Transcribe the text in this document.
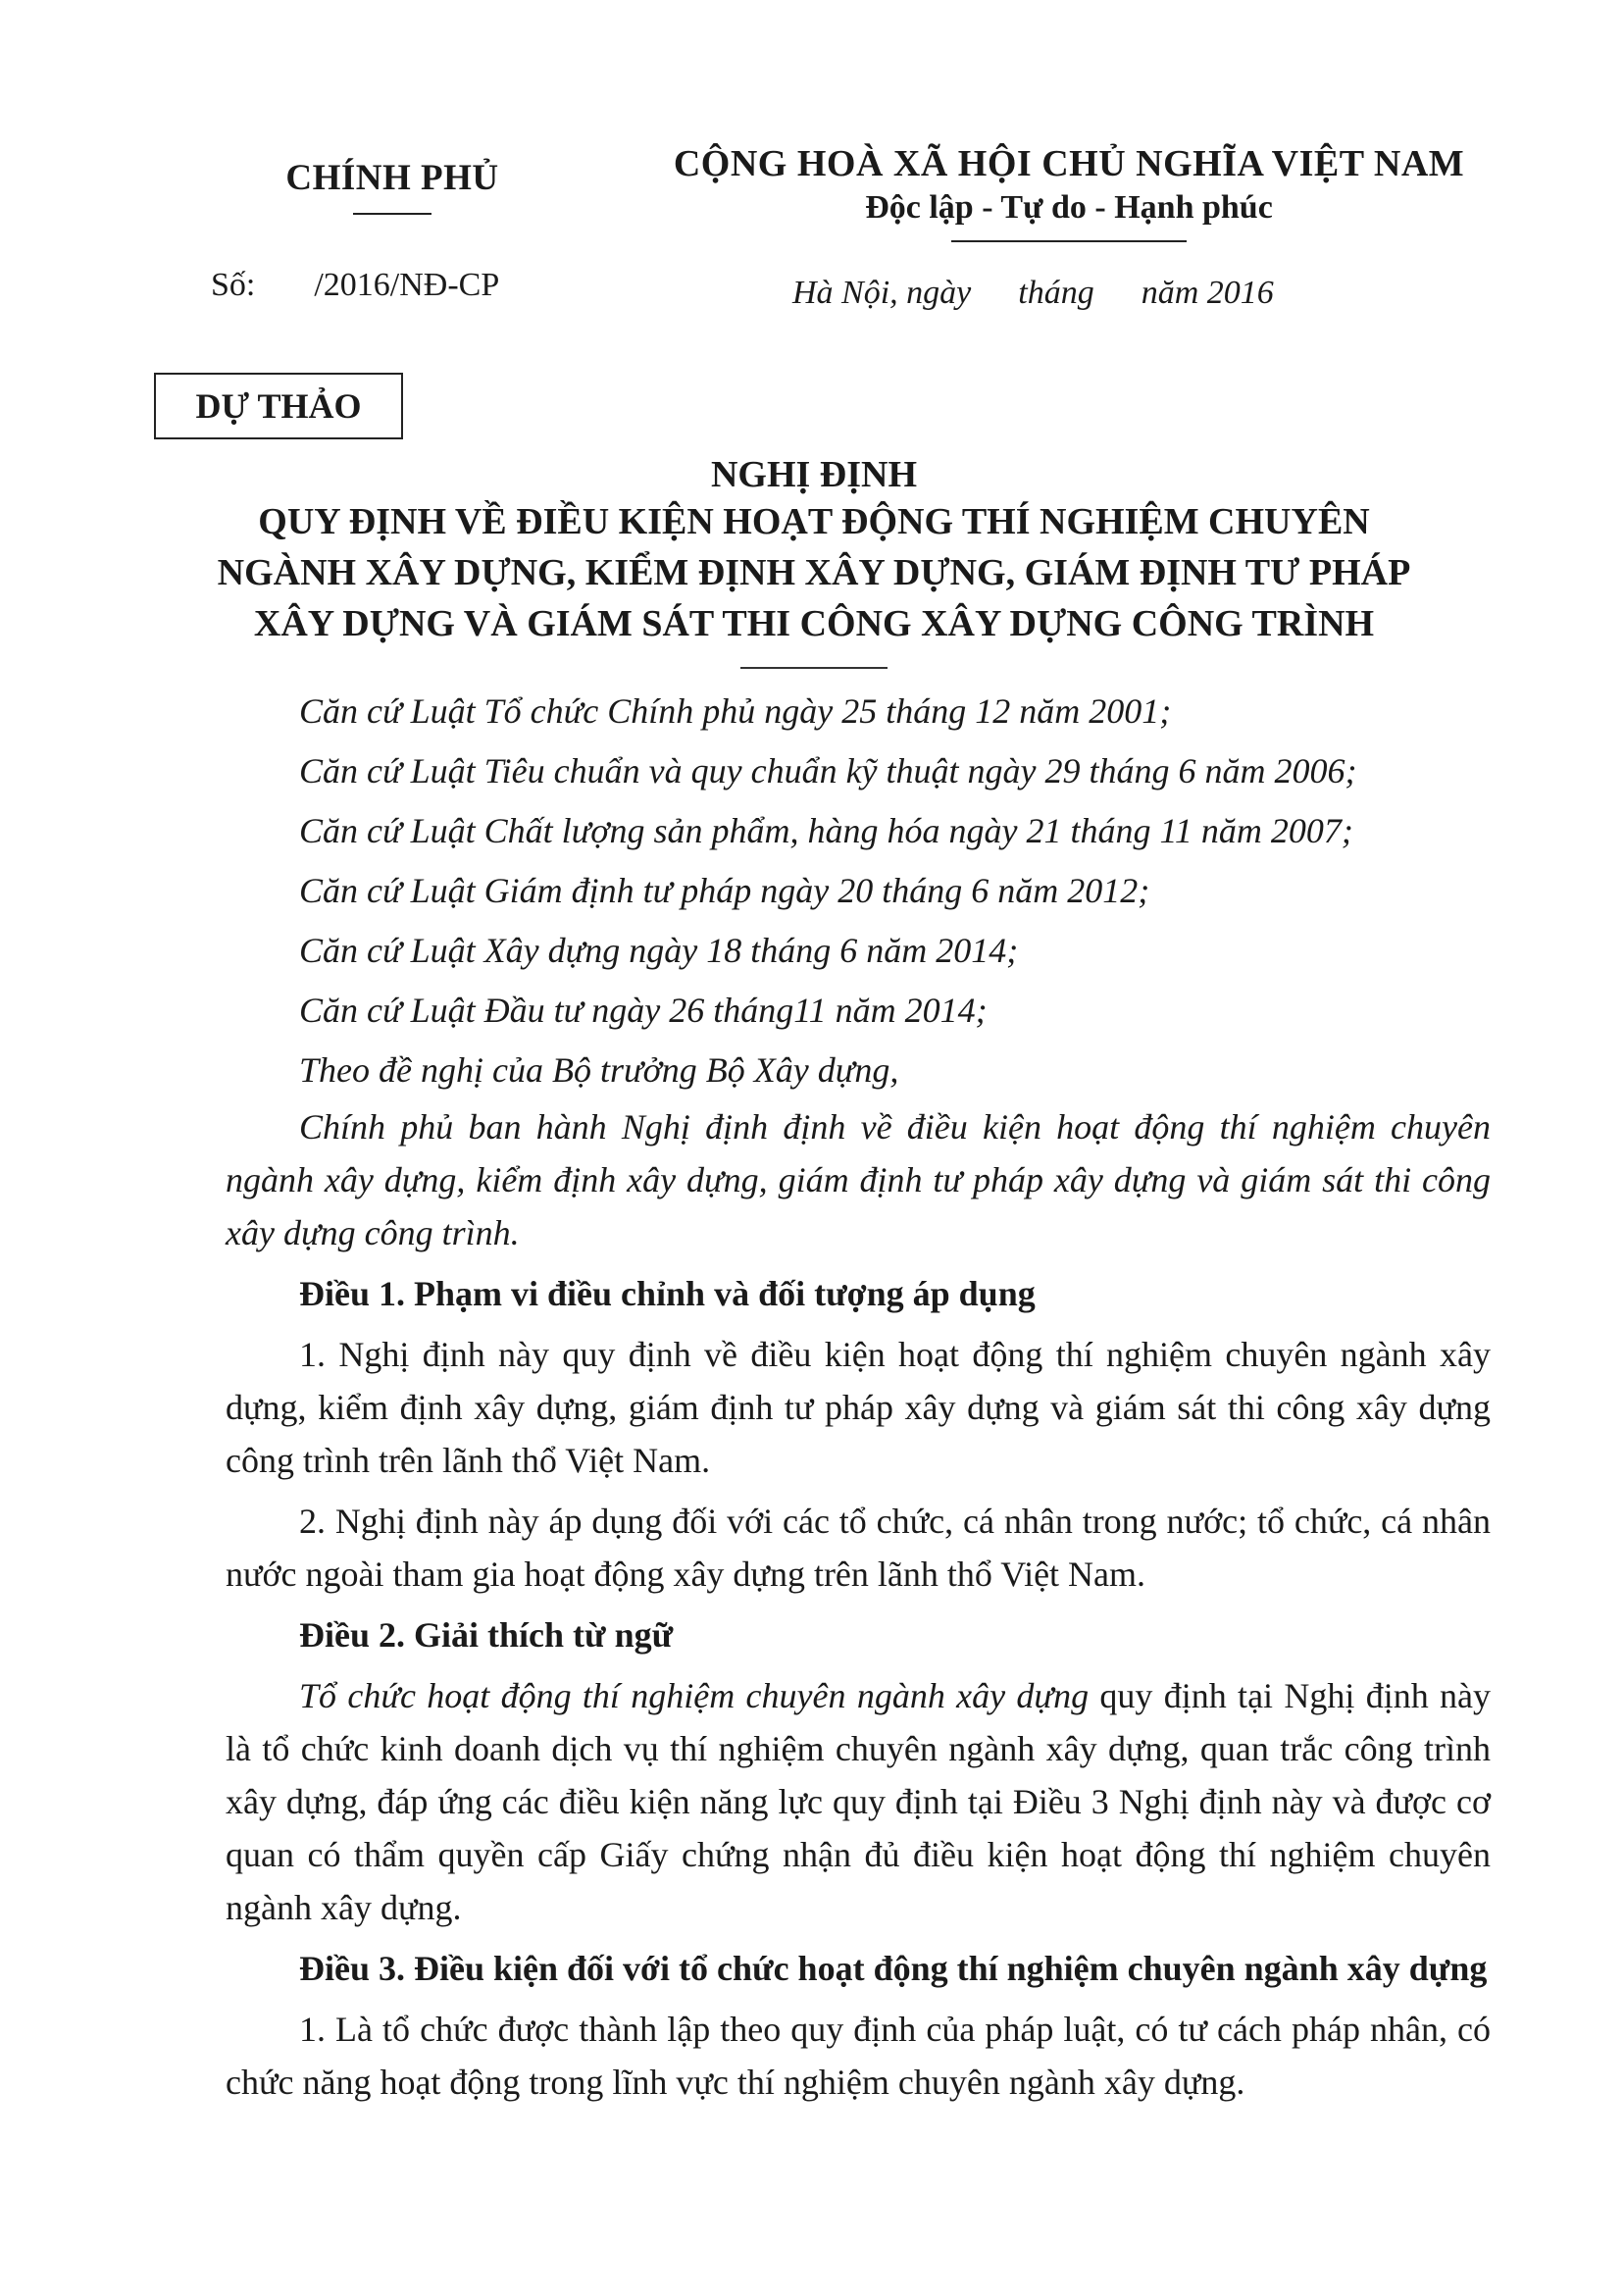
CHÍNH PHỦ
Số: /2016/NĐ-CP
CỘNG HOÀ XÃ HỘI CHỦ NGHĨA VIỆT NAM
Độc lập - Tự do - Hạnh phúc
Hà Nội, ngày tháng năm 2016
DỰ THẢO
NGHỊ ĐỊNH
QUY ĐỊNH VỀ ĐIỀU KIỆN HOẠT ĐỘNG THÍ NGHIỆM CHUYÊN
NGÀNH XÂY DỰNG, KIỂM ĐỊNH XÂY DỰNG, GIÁM ĐỊNH TƯ PHÁP
XÂY DỰNG VÀ GIÁM SÁT THI CÔNG XÂY DỰNG CÔNG TRÌNH
Căn cứ Luật Tổ chức Chính phủ ngày 25 tháng 12 năm 2001;
Căn cứ Luật Tiêu chuẩn và quy chuẩn kỹ thuật ngày 29 tháng 6 năm 2006;
Căn cứ Luật Chất lượng sản phẩm, hàng hóa ngày 21 tháng 11 năm 2007;
Căn cứ Luật Giám định tư pháp ngày 20 tháng 6 năm 2012;
Căn cứ Luật Xây dựng ngày 18 tháng 6 năm 2014;
Căn cứ Luật Đầu tư ngày 26 tháng11 năm 2014;
Theo đề nghị của Bộ trưởng Bộ Xây dựng,
Chính phủ ban hành Nghị định định về điều kiện hoạt động thí nghiệm chuyên ngành xây dựng, kiểm định xây dựng, giám định tư pháp xây dựng và giám sát thi công xây dựng công trình.
Điều 1. Phạm vi điều chỉnh và đối tượng áp dụng
1. Nghị định này quy định về điều kiện hoạt động thí nghiệm chuyên ngành xây dựng, kiểm định xây dựng, giám định tư pháp xây dựng và giám sát thi công xây dựng công trình trên lãnh thổ Việt Nam.
2. Nghị định này áp dụng đối với các tổ chức, cá nhân trong nước; tổ chức, cá nhân nước ngoài tham gia hoạt động xây dựng trên lãnh thổ Việt Nam.
Điều 2. Giải thích từ ngữ
Tổ chức hoạt động thí nghiệm chuyên ngành xây dựng quy định tại Nghị định này là tổ chức kinh doanh dịch vụ thí nghiệm chuyên ngành xây dựng, quan trắc công trình xây dựng, đáp ứng các điều kiện năng lực quy định tại Điều 3 Nghị định này và được cơ quan có thẩm quyền cấp Giấy chứng nhận đủ điều kiện hoạt động thí nghiệm chuyên ngành xây dựng.
Điều 3. Điều kiện đối với tổ chức hoạt động thí nghiệm chuyên ngành xây dựng
1. Là tổ chức được thành lập theo quy định của pháp luật, có tư cách pháp nhân, có chức năng hoạt động trong lĩnh vực thí nghiệm chuyên ngành xây dựng.
